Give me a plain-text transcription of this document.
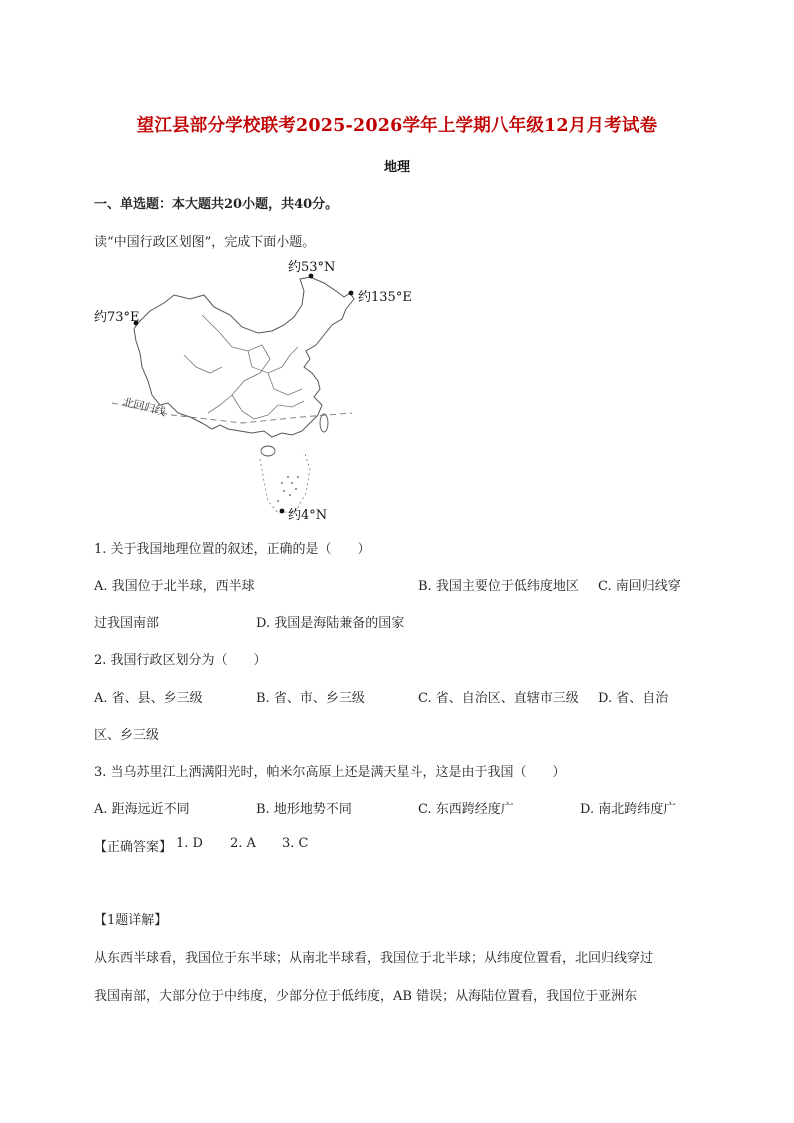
望江县部分学校联考2025-2026学年上学期八年级12月月考试卷
地理
一、单选题：本大题共20小题，共40分。
读“中国行政区划图”，完成下面小题。
约53°N
约135°E
约73°E
约4°N
北回归线
1. 关于我国地理位置的叙述，正确的是（　　）
A. 我国位于北半球，西半球	B. 我国主要位于低纬度地区 C. 南回归线穿
过我国南部	D. 我国是海陆兼备的国家
2. 我国行政区划分为（　　）
A. 省、县、乡三级	B. 省、市、乡三级	C. 省、自治区、直辖市三级 D. 省、自治
区、乡三级
3. 当乌苏里江上洒满阳光时，帕米尔高原上还是满天星斗，这是由于我国（　　）
A. 距海远近不同	B. 地形地势不同	C. 东西跨经度广	D. 南北跨纬度广
【正确答案】 1. D 2. A 3. C
【1题详解】
从东西半球看，我国位于东半球；从南北半球看，我国位于北半球；从纬度位置看，北回归线穿过
我国南部，大部分位于中纬度，少部分位于低纬度，AB 错误；从海陆位置看，我国位于亚洲东
